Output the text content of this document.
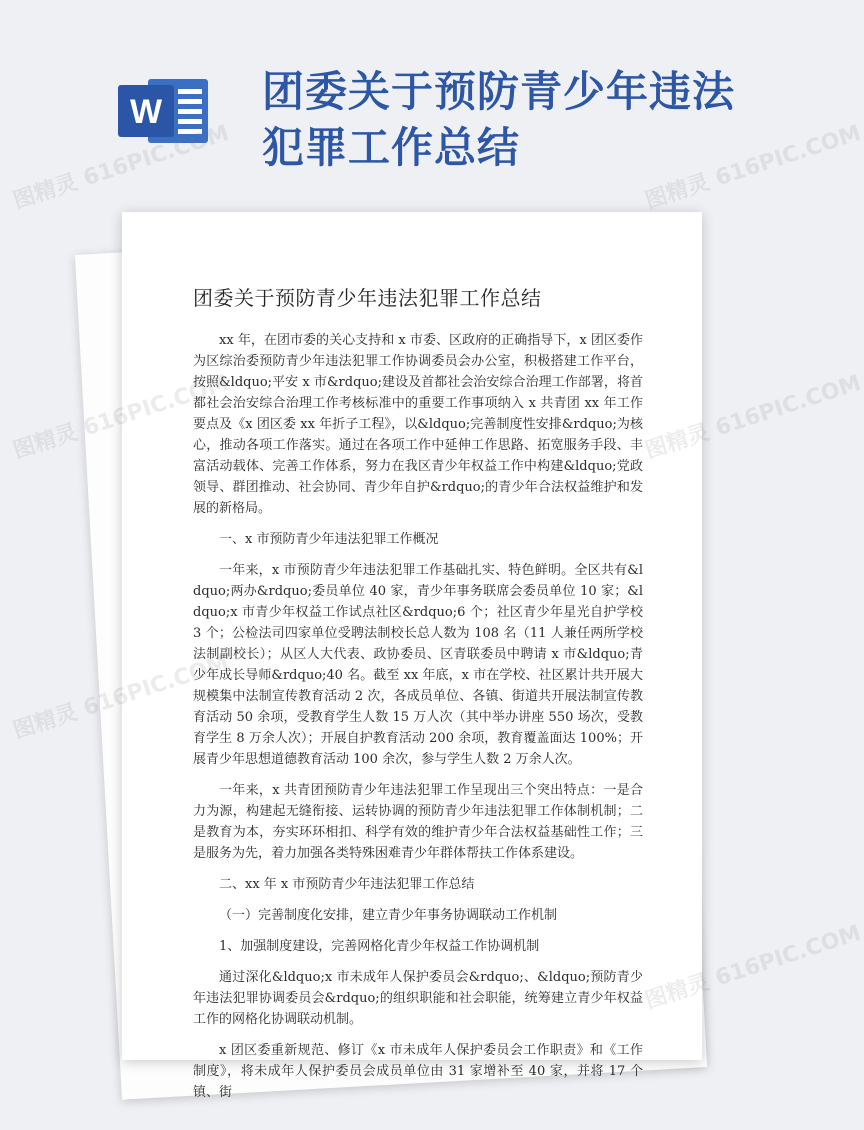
W 团委关于预防青少年违法犯罪工作总结
团委关于预防青少年违法犯罪工作总结

xx 年，在团市委的关心支持和 x 市委、区政府的正确指导下，x 团区委作为区综治委预防青少年违法犯罪工作协调委员会办公室，积极搭建工作平台，按照&ldquo;平安 x 市&rdquo;建设及首都社会治安综合治理工作部署，将首都社会治安综合治理工作考核标准中的重要工作事项纳入 x 共青团 xx 年工作要点及《x 团区委 xx 年折子工程》，以&ldquo;完善制度性安排&rdquo;为核心，推动各项工作落实。通过在各项工作中延伸工作思路、拓宽服务手段、丰富活动载体、完善工作体系，努力在我区青少年权益工作中构建&ldquo;党政领导、群团推动、社会协同、青少年自护&rdquo;的青少年合法权益维护和发展的新格局。

一、x 市预防青少年违法犯罪工作概况

一年来，x 市预防青少年违法犯罪工作基础扎实、特色鲜明。全区共有&ldquo;两办&rdquo;委员单位 40 家，青少年事务联席会委员单位 10 家；&ldquo;x 市青少年权益工作试点社区&rdquo;6 个；社区青少年星光自护学校 3 个；公检法司四家单位受聘法制校长总人数为 108 名（11 人兼任两所学校法制副校长）；从区人大代表、政协委员、区青联委员中聘请 x 市&ldquo;青少年成长导师&rdquo;40 名。截至 xx 年底，x 市在学校、社区累计共开展大规模集中法制宣传教育活动 2 次，各成员单位、各镇、街道共开展法制宣传教育活动 50 余项，受教育学生人数 15 万人次（其中举办讲座 550 场次，受教育学生 8 万余人次）；开展自护教育活动 200 余项，教育覆盖面达 100%；开展青少年思想道德教育活动 100 余次，参与学生人数 2 万余人次。

一年来，x 共青团预防青少年违法犯罪工作呈现出三个突出特点：一是合力为源，构建起无缝衔接、运转协调的预防青少年违法犯罪工作体制机制；二是教育为本，夯实环环相扣、科学有效的维护青少年合法权益基础性工作；三是服务为先，着力加强各类特殊困难青少年群体帮扶工作体系建设。

二、xx 年 x 市预防青少年违法犯罪工作总结

（一）完善制度化安排，建立青少年事务协调联动工作机制

1、加强制度建设，完善网格化青少年权益工作协调机制

通过深化&ldquo;x 市未成年人保护委员会&rdquo;、&ldquo;预防青少年违法犯罪协调委员会&rdquo;的组织职能和社会职能，统筹建立青少年权益工作的网格化协调联动机制。

x 团区委重新规范、修订《x 市未成年人保护委员会工作职责》和《工作制度》，将未成年人保护委员会成员单位由 31 家增补至 40 家，并将 17 个镇、街

图精灵 616PIC.COM	图精灵 616PIC.COM
图精灵	图精灵 616PIC.COM
图精灵
图精灵 616PIC.COM
